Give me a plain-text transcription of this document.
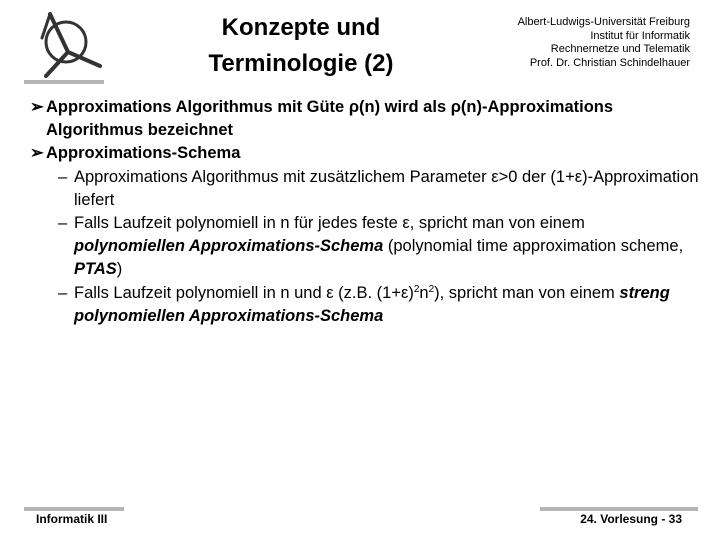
Konzepte und
Terminologie (2)
Albert-Ludwigs-Universität Freiburg
Institut für Informatik
Rechnernetze und Telematik
Prof. Dr. Christian Schindelhauer
➢ Approximations Algorithmus mit Güte ρ(n) wird als ρ(n)-Approximations Algorithmus bezeichnet
➢ Approximations-Schema
– Approximations Algorithmus mit zusätzlichem Parameter ε>0 der (1+ε)-Approximation liefert
– Falls Laufzeit polynomiell in n für jedes feste ε, spricht man von einem polynomiellen Approximations-Schema (polynomial time approximation scheme, PTAS)
– Falls Laufzeit polynomiell in n und ε (z.B. $(1+\varepsilon)^2n^2$), spricht man von einem streng polynomiellen Approximations-Schema
Informatik III	24. Vorlesung - 33
